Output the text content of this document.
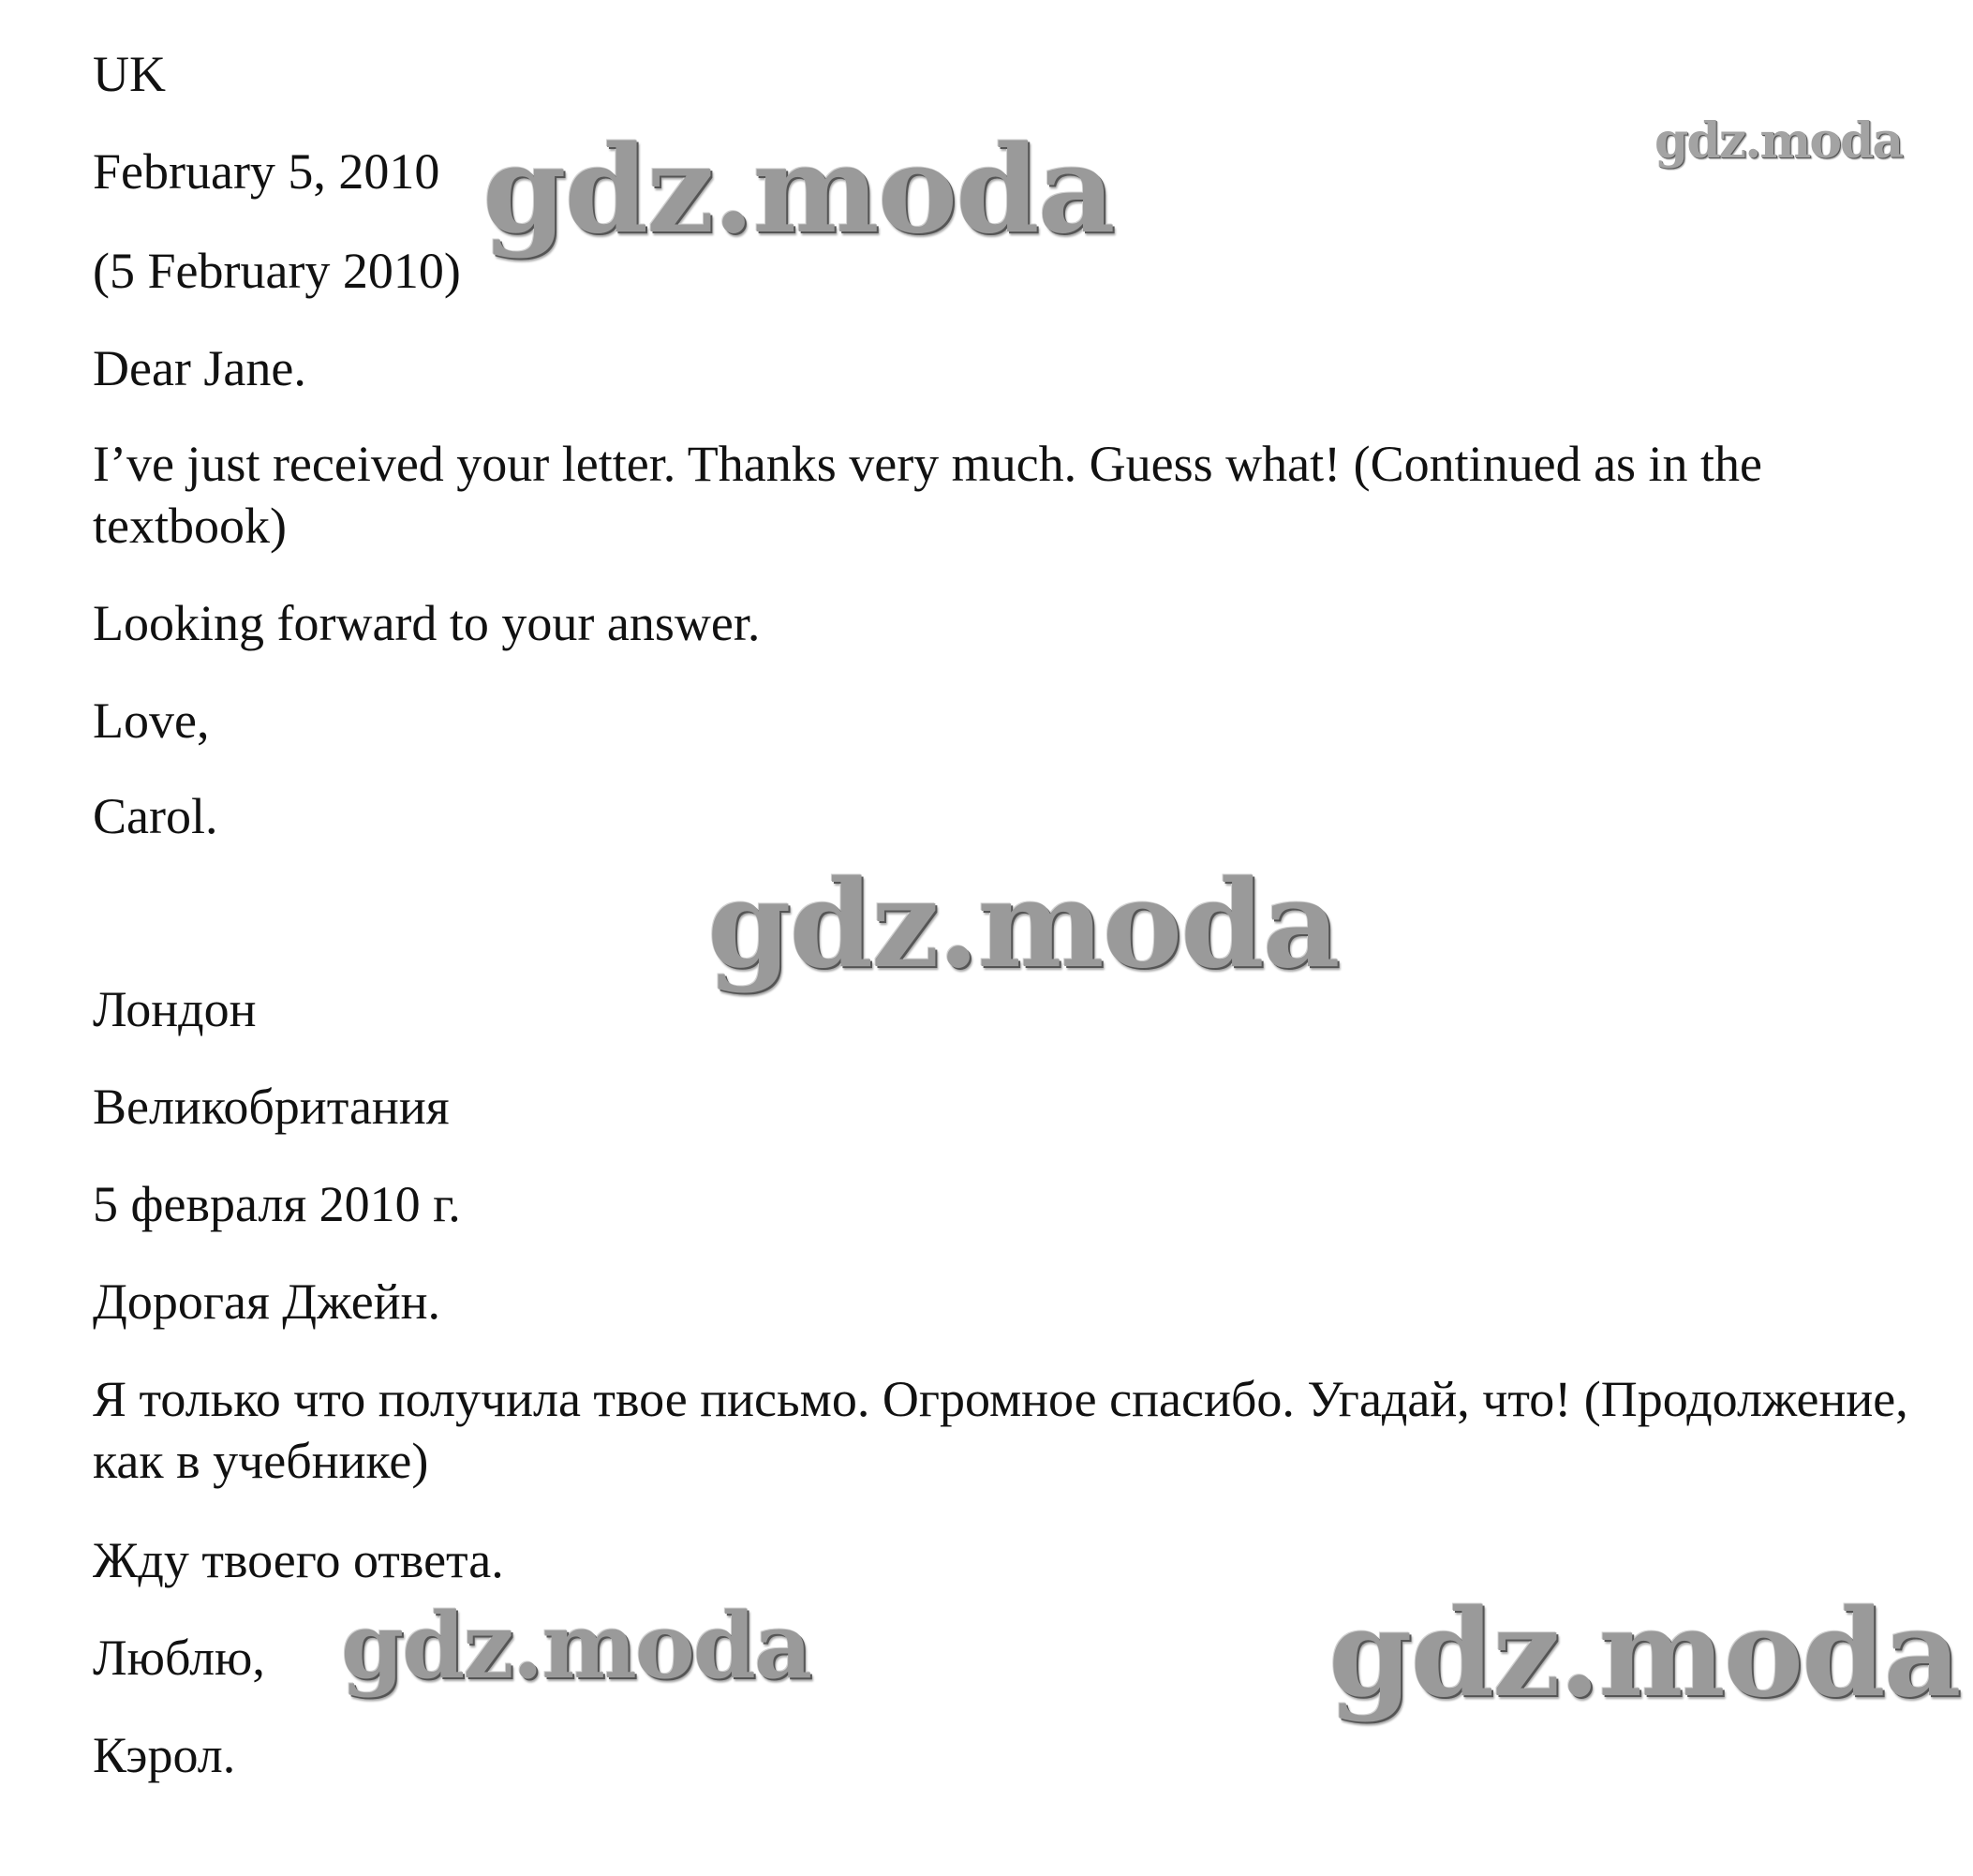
UK
February 5, 2010
(5 February 2010)
Dear Jane.
I’ve just received your letter. Thanks very much. Guess what! (Continued as in the textbook)
Looking forward to your answer.
Love,
Carol.
Лондон
Великобритания
5 февраля 2010 г.
Дорогая Джейн.
Я только что получила твое письмо. Огромное спасибо. Угадай, что! (Продолжение, как в учебнике)
Жду твоего ответа.
Люблю,
Кэрол.
gdz.moda	gdz.moda
gdz.moda
gdz.moda	gdz.moda
